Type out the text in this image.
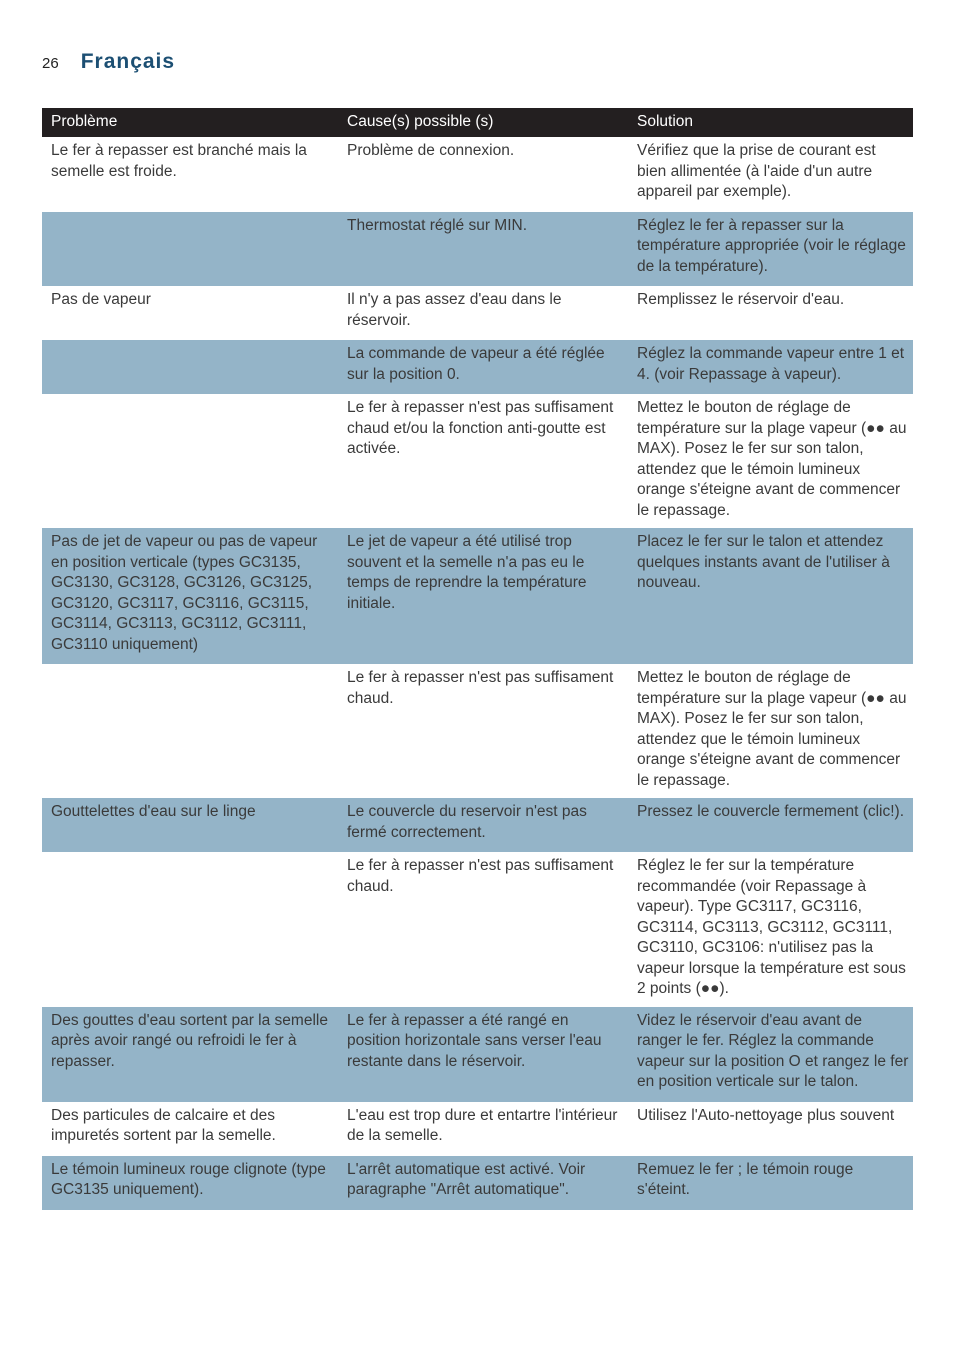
26 Français
Problème	Cause(s) possible (s)	Solution
Le fer à repasser est branché mais la semelle est froide.	Problème de connexion.	Vérifiez que la prise de courant est bien allimentée (à l'aide d'un autre appareil par exemple).
	Thermostat réglé sur MIN.	Réglez le fer à repasser sur la température appropriée (voir le réglage de la température).
Pas de vapeur	Il n'y a pas assez d'eau dans le réservoir.	Remplissez le réservoir d'eau.
	La commande de vapeur a été réglée sur la position 0.	Réglez la commande vapeur entre 1 et 4. (voir Repassage à vapeur).
	Le fer à repasser n'est pas suffisament chaud et/ou la fonction anti-goutte est activée.	Mettez le bouton de réglage de température sur la plage vapeur (●● au MAX). Posez le fer sur son talon, attendez que le témoin lumineux orange s'éteigne avant de commencer le repassage.
Pas de jet de vapeur ou pas de vapeur en position verticale (types GC3135, GC3130, GC3128, GC3126, GC3125, GC3120, GC3117, GC3116, GC3115, GC3114, GC3113, GC3112, GC3111, GC3110 uniquement)	Le jet de vapeur a été utilisé trop souvent et la semelle n'a pas eu le temps de reprendre la température initiale.	Placez le fer sur le talon et attendez quelques instants avant de l'utiliser à nouveau.
	Le fer à repasser n'est pas suffisament chaud.	Mettez le bouton de réglage de température sur la plage vapeur (●● au MAX). Posez le fer sur son talon, attendez que le témoin lumineux orange s'éteigne avant de commencer le repassage.
Gouttelettes d'eau sur le linge	Le couvercle du reservoir n'est pas fermé correctement.	Pressez le couvercle fermement (clic!).
	Le fer à repasser n'est pas suffisament chaud.	Réglez le fer sur la température recommandée (voir Repassage à vapeur). Type GC3117, GC3116, GC3114, GC3113, GC3112, GC3111, GC3110, GC3106: n'utilisez pas la vapeur lorsque la température est sous 2 points (●●).
Des gouttes d'eau sortent par la semelle après avoir rangé ou refroidi le fer à repasser.	Le fer à repasser a été rangé en position horizontale sans verser l'eau restante dans le réservoir.	Videz le réservoir d'eau avant de ranger le fer. Réglez la commande vapeur sur la position O et rangez le fer en position verticale sur le talon.
Des particules de calcaire et des impuretés sortent par la semelle.	L'eau est trop dure et entartre l'intérieur de la semelle.	Utilisez l'Auto-nettoyage plus souvent
Le témoin lumineux rouge clignote (type GC3135 uniquement).	L'arrêt automatique est activé. Voir paragraphe "Arrêt automatique".	Remuez le fer ; le témoin rouge s'éteint.
